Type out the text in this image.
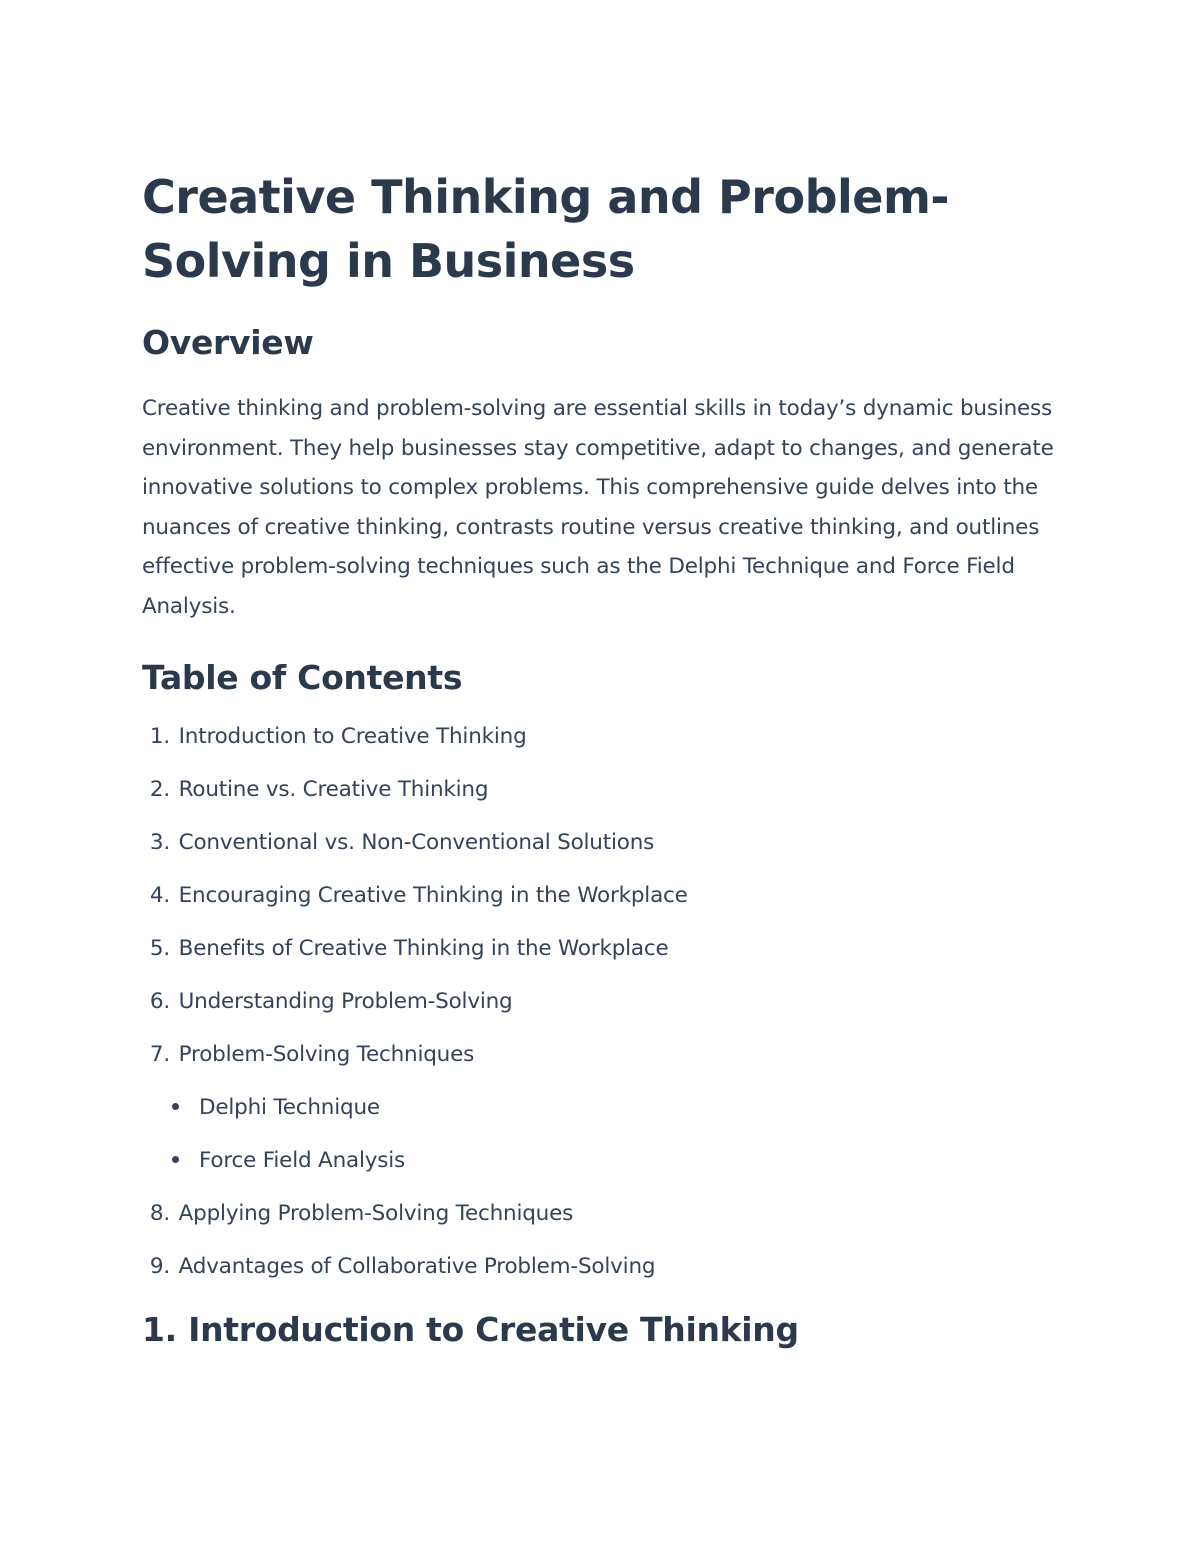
Creative Thinking and Problem-Solving in Business
Overview

Creative thinking and problem-solving are essential skills in today’s dynamic business environment. They help businesses stay competitive, adapt to changes, and generate innovative solutions to complex problems. This comprehensive guide delves into the nuances of creative thinking, contrasts routine versus creative thinking, and outlines effective problem-solving techniques such as the Delphi Technique and Force Field Analysis.

Table of Contents
1. Introduction to Creative Thinking
2. Routine vs. Creative Thinking
3. Conventional vs. Non-Conventional Solutions
4. Encouraging Creative Thinking in the Workplace
5. Benefits of Creative Thinking in the Workplace
6. Understanding Problem-Solving
7. Problem-Solving Techniques
Delphi Technique
Force Field Analysis
8. Applying Problem-Solving Techniques
9. Advantages of Collaborative Problem-Solving
1. Introduction to Creative Thinking
